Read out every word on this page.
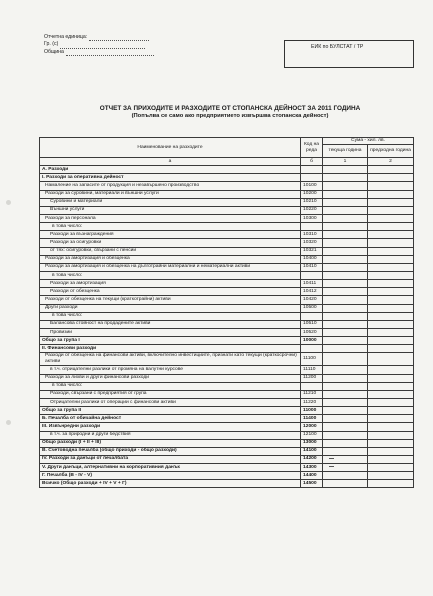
Отчетна единица:
Гр. (с)
Община
ЕИК по БУЛСТАТ / ТР
ОТЧЕТ ЗА ПРИХОДИТЕ И РАЗХОДИТЕ ОТ СТОПАНСКА ДЕЙНОСТ ЗА 2011 ГОДИНА
(Попълва се само ако предприятието извършва стопанска дейност)
Наименование на разходите	Код на реда	Сума - хил. лв.	
		текуща година	предходна година
а	б	1	2
А. Разходи			
I. Разходи за оперативна дейност			
Намаление на запасите от продукция и незавършено производство	10100		
Разходи за суровини, материали и външни услуги	10200		
Суровини и материали	10210		
Външни услуги	10220		
Разходи за персонала	10300		
в това число:			
Разходи за възнаграждения	10310		
Разходи за осигуровки	10320		
от тях: осигуровки, свързани с пенсии	10321		
Разходи за амортизация и обезценка	10400		
Разходи за амортизация и обезценка на дълготрайни материални и нематериални активи	10410		
в това число:			
Разходи за амортизация	10411		
Разходи от обезценка	10412		
Разходи от обезценка на текущи (краткотрайни) активи	10420		
Други разходи	10500		
в това число:			
Балансова стойност на продадените активи	10510		
Провизии	10520		
Общо за група I	10000		
II. Финансови разходи			
Разходи от обезценка на финансови активи, включително инвестициите, признати като текущи (краткосрочни) активи	11100		
в т.ч. отрицателни разлики от промяна на валутни курсове	11110		
Разходи за лихви и други финансови разходи	11200		
в това число:			
Разходи, свързани с предприятия от група	11210		
Отрицателни разлики от операции с финансови активи	11220		
Общо за група II	11000		
Б. Печалба от обичайна дейност	11400		
III. Извънредни разходи	12000		
в т.ч. за природни и други бедствия	12100		
Общо разходи (I + II + III)	13000		
В. Счетоводна печалба (общо приходи - общо разходи)	14100		
IV. Разходи за данъци от печалбата	14200		
V. Други данъци, алтернативни на корпоративния данък	14300		
Г. Печалба (В - IV - V)	14400		
Всичко (Общо разходи + IV + V + Г)	14500		
